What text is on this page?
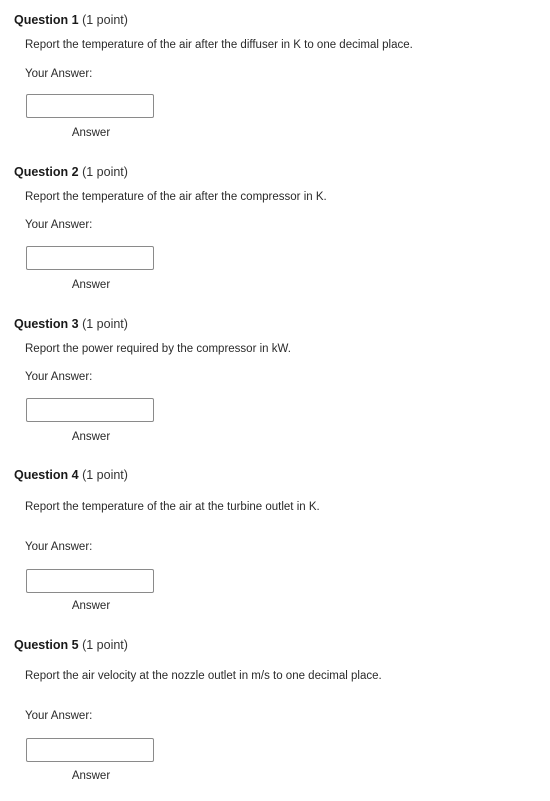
Question 1 (1 point)
Report the temperature of the air after the diffuser in K to one decimal place.
Your Answer:
Answer
Question 2 (1 point)
Report the temperature of the air after the compressor in K.
Your Answer:
Answer
Question 3 (1 point)
Report the power required by the compressor in kW.
Your Answer:
Answer
Question 4 (1 point)
Report the temperature of the air at the turbine outlet in K.
Your Answer:
Answer
Question 5 (1 point)
Report the air velocity at the nozzle outlet in m/s to one decimal place.
Your Answer:
Answer
